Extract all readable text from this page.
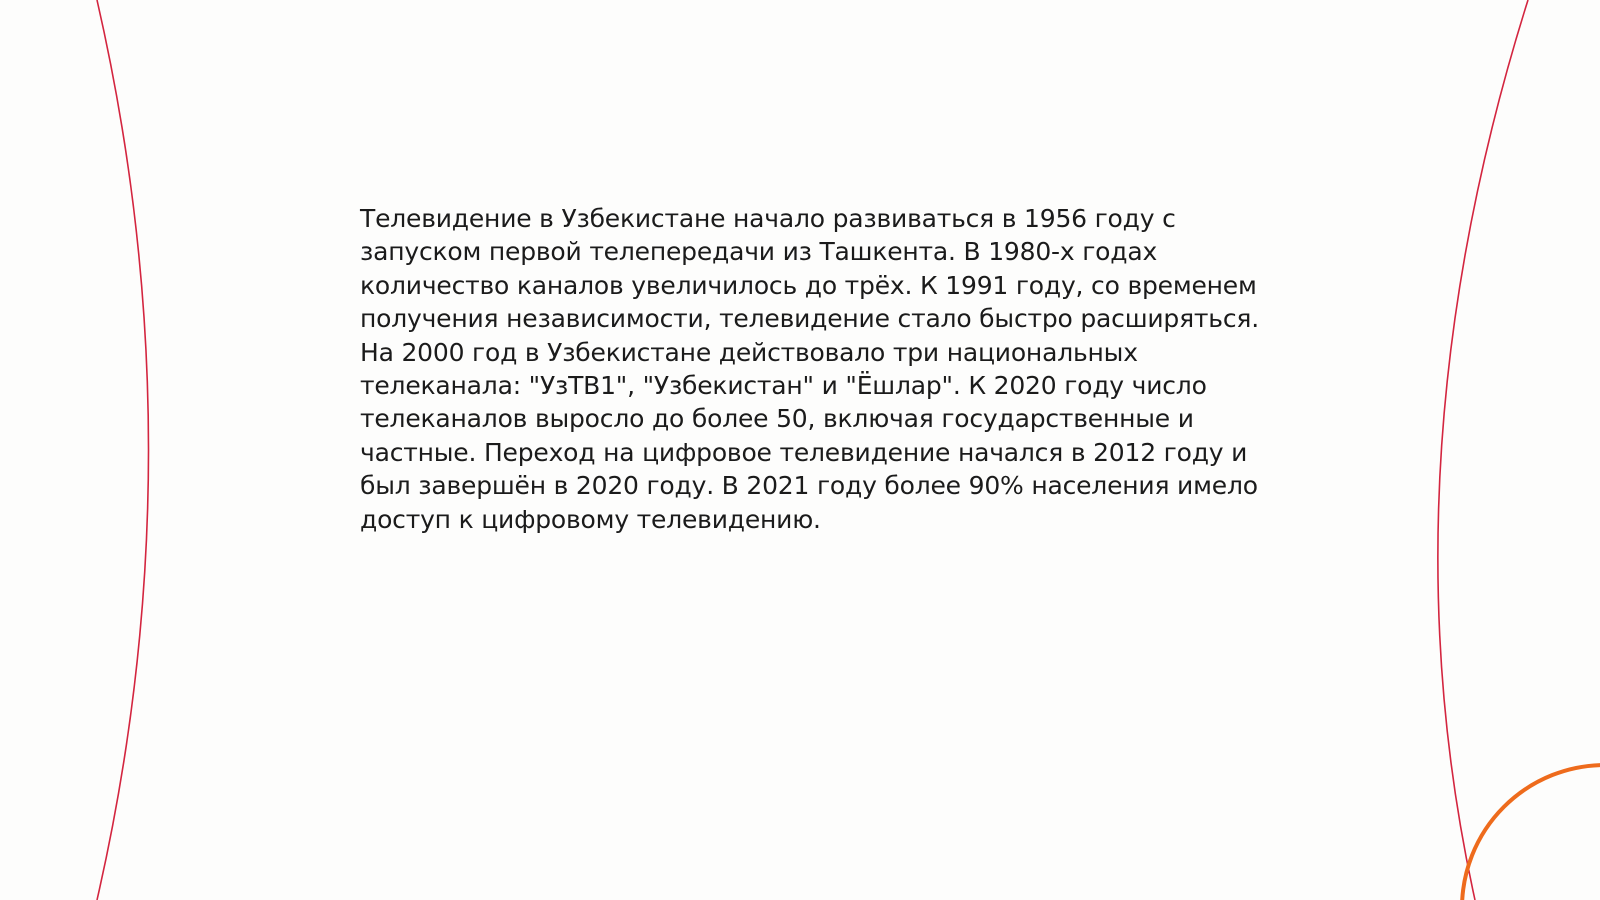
Телевидение в Узбекистане начало развиваться в 1956 году с запуском первой телепередачи из Ташкента. В 1980-х годах количество каналов увеличилось до трёх. К 1991 году, со временем получения независимости, телевидение стало быстро расширяться. На 2000 год в Узбекистане действовало три национальных телеканала: "УзТВ1", "Узбекистан" и "Ёшлар". К 2020 году число телеканалов выросло до более 50, включая государственные и частные. Переход на цифровое телевидение начался в 2012 году и был завершён в 2020 году. В 2021 году более 90% населения имело доступ к цифровому телевидению.
